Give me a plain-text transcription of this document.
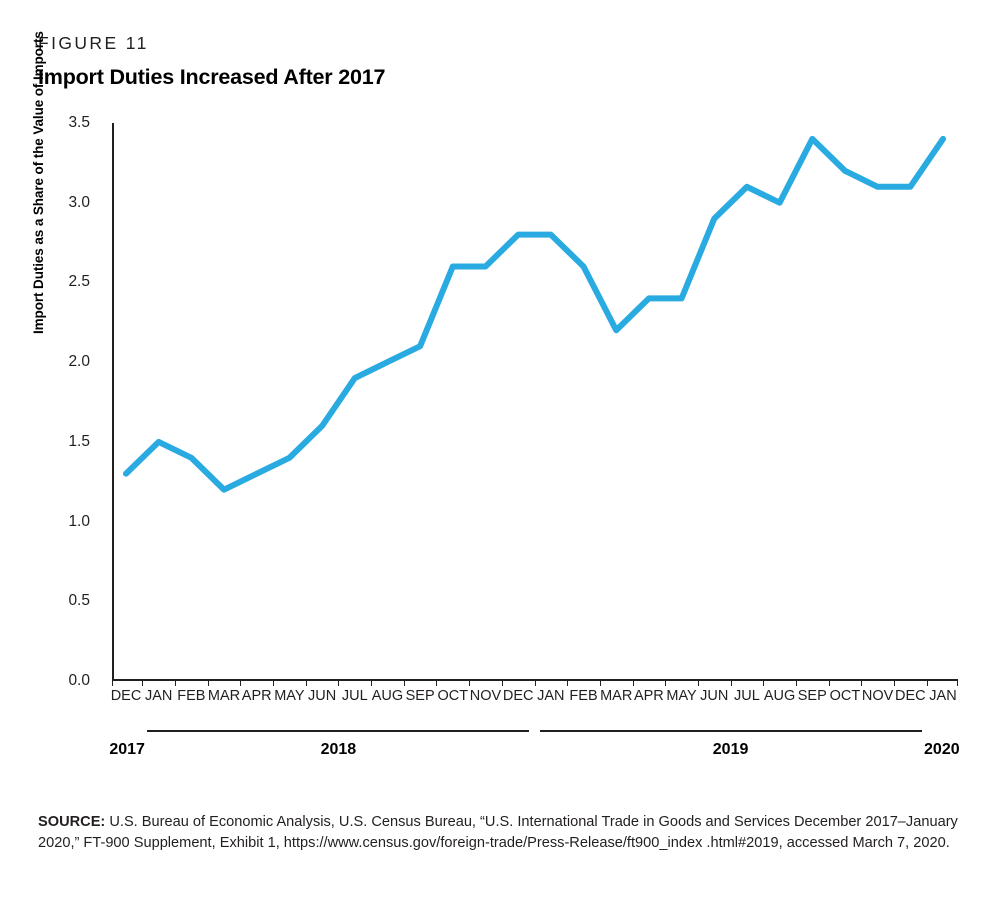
FIGURE 11
Import Duties Increased After 2017
Import Duties as a Share of the Value of Imports
0.0
0.5
1.0
1.5
2.0
2.5
3.0
3.5
DEC JAN FEB MAR APR MAY JUN JUL AUG SEP OCT NOV DEC JAN FEB MAR APR MAY JUN JUL AUG SEP OCT NOV DEC JAN
2017	2018	2019	2020
SOURCE: U.S. Bureau of Economic Analysis, U.S. Census Bureau, “U.S. International Trade in Goods and Services December 2017–January 2020,” FT-900 Supplement, Exhibit 1, https://www.census.gov/foreign-trade/Press-Release/ft900_index .html#2019, accessed March 7, 2020.
